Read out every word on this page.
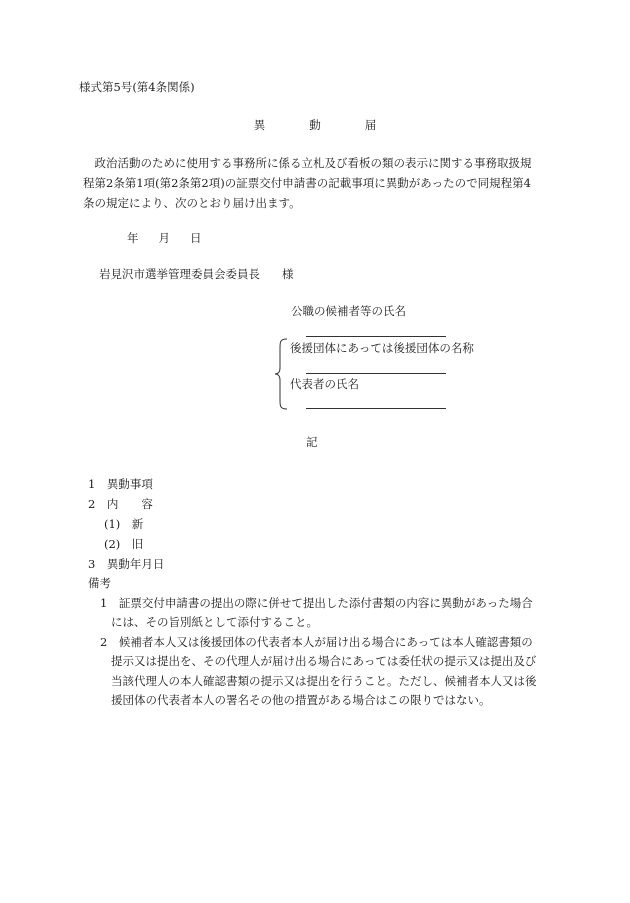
様式第5号(第4条関係)
異	動	届
　政治活動のために使用する事務所に係る立札及び看板の類の表示に関する事務取扱規
程第2条第1項(第2条第2項)の証票交付申請書の記載事項に異動があったので同規程第4
条の規定により、次のとおり届け出ます。
年 月 日
岩見沢市選挙管理委員会委員長 様
公職の候補者等の氏名
後援団体にあっては後援団体の名称
代表者の氏名
記
1　異動事項
2　内　　容
(1)　新
(2)　旧
3　異動年月日
備考
1　証票交付申請書の提出の際に併せて提出した添付書類の内容に異動があった場合
には、その旨別紙として添付すること。
2　候補者本人又は後援団体の代表者本人が届け出る場合にあっては本人確認書類の
提示又は提出を、その代理人が届け出る場合にあっては委任状の提示又は提出及び
当該代理人の本人確認書類の提示又は提出を行うこと。ただし、候補者本人又は後
援団体の代表者本人の署名その他の措置がある場合はこの限りではない。
